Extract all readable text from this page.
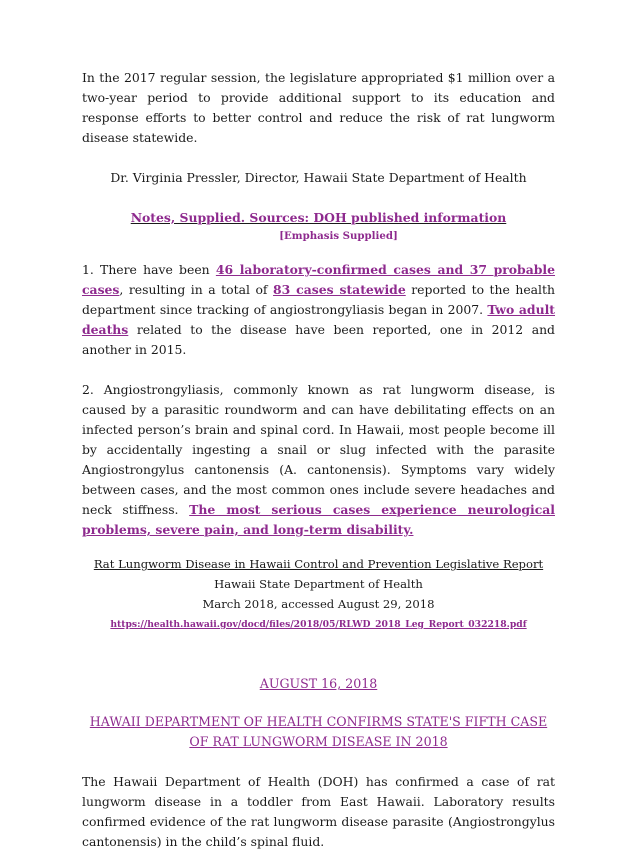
In the 2017 regular session, the legislature appropriated $1 million over a two-year period to provide additional support to its education and response efforts to better control and reduce the risk of rat lungworm disease statewide.

Dr. Virginia Pressler, Director, Hawaii State Department of Health

Notes, Supplied. Sources: DOH published information

[Emphasis Supplied]

1. There have been 46 laboratory-confirmed cases and 37 probable cases, resulting in a total of 83 cases statewide reported to the health department since tracking of angiostrongyliasis began in 2007. Two adult deaths related to the disease have been reported, one in 2012 and another in 2015.

2. Angiostrongyliasis, commonly known as rat lungworm disease, is caused by a parasitic roundworm and can have debilitating effects on an infected person’s brain and spinal cord. In Hawaii, most people become ill by accidentally ingesting a snail or slug infected with the parasite Angiostrongylus cantonensis (A. cantonensis). Symptoms vary widely between cases, and the most common ones include severe headaches and neck stiffness. The most serious cases experience neurological problems, severe pain, and long-term disability.

Rat Lungworm Disease in Hawaii Control and Prevention Legislative Report

Hawaii State Department of Health

March 2018, accessed August 29, 2018

https://health.hawaii.gov/docd/files/2018/05/RLWD_2018_Leg_Report_032218.pdf

AUGUST 16, 2018

HAWAII DEPARTMENT OF HEALTH CONFIRMS STATE'S FIFTH CASE

OF RAT LUNGWORM DISEASE IN 2018

The Hawaii Department of Health (DOH) has confirmed a case of rat lungworm disease in a toddler from East Hawaii. Laboratory results confirmed evidence of the rat lungworm disease parasite (Angiostrongylus cantonensis) in the child’s spinal fluid.
